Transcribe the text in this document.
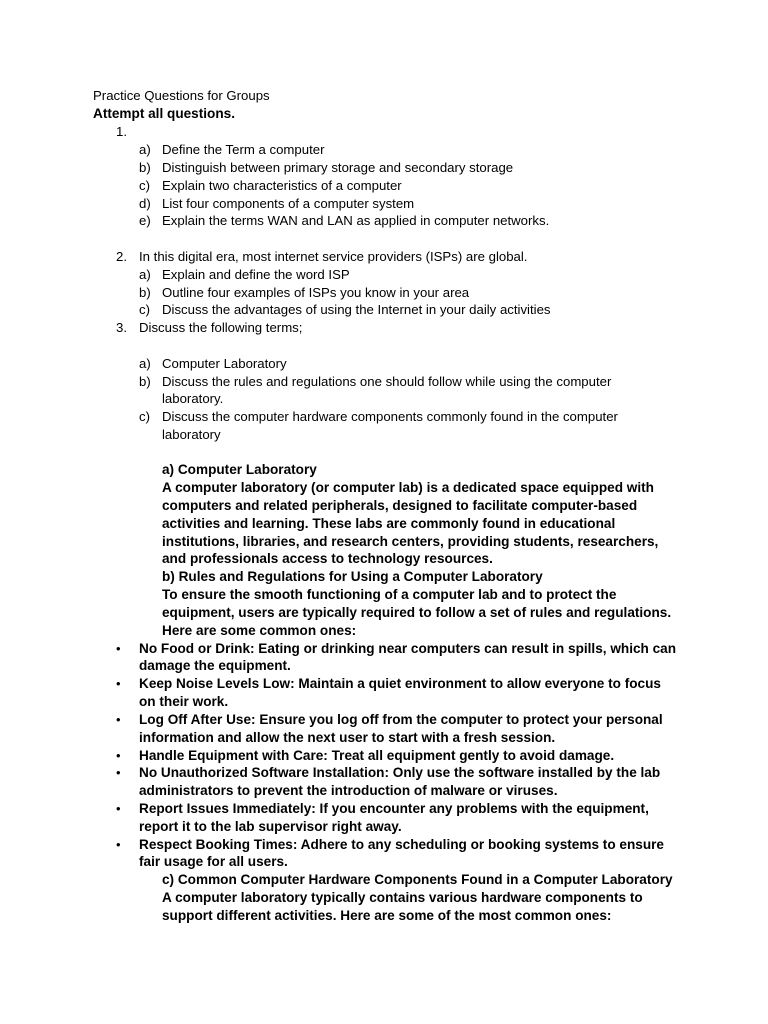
Practice Questions for Groups
Attempt all questions.
1.
a) Define the Term a computer
b) Distinguish between primary storage and secondary storage
c) Explain two characteristics of a computer
d) List four components of a computer system
e) Explain the terms WAN and LAN as applied in computer networks.
2. In this digital era, most internet service providers (ISPs) are global.
a) Explain and define the word ISP
b) Outline four examples of ISPs you know in your area
c) Discuss the advantages of using the Internet in your daily activities
3. Discuss the following terms;
a) Computer Laboratory
b) Discuss the rules and regulations one should follow while using the computer
laboratory.
c) Discuss the computer hardware components commonly found in the computer
laboratory
a) Computer Laboratory
A computer laboratory (or computer lab) is a dedicated space equipped with
computers and related peripherals, designed to facilitate computer-based
activities and learning. These labs are commonly found in educational
institutions, libraries, and research centers, providing students, researchers,
and professionals access to technology resources.
b) Rules and Regulations for Using a Computer Laboratory
To ensure the smooth functioning of a computer lab and to protect the
equipment, users are typically required to follow a set of rules and regulations.
Here are some common ones:
• No Food or Drink: Eating or drinking near computers can result in spills, which can
damage the equipment.
• Keep Noise Levels Low: Maintain a quiet environment to allow everyone to focus
on their work.
• Log Off After Use: Ensure you log off from the computer to protect your personal
information and allow the next user to start with a fresh session.
• Handle Equipment with Care: Treat all equipment gently to avoid damage.
• No Unauthorized Software Installation: Only use the software installed by the lab
administrators to prevent the introduction of malware or viruses.
• Report Issues Immediately: If you encounter any problems with the equipment,
report it to the lab supervisor right away.
• Respect Booking Times: Adhere to any scheduling or booking systems to ensure
fair usage for all users.
c) Common Computer Hardware Components Found in a Computer Laboratory
A computer laboratory typically contains various hardware components to
support different activities. Here are some of the most common ones:
